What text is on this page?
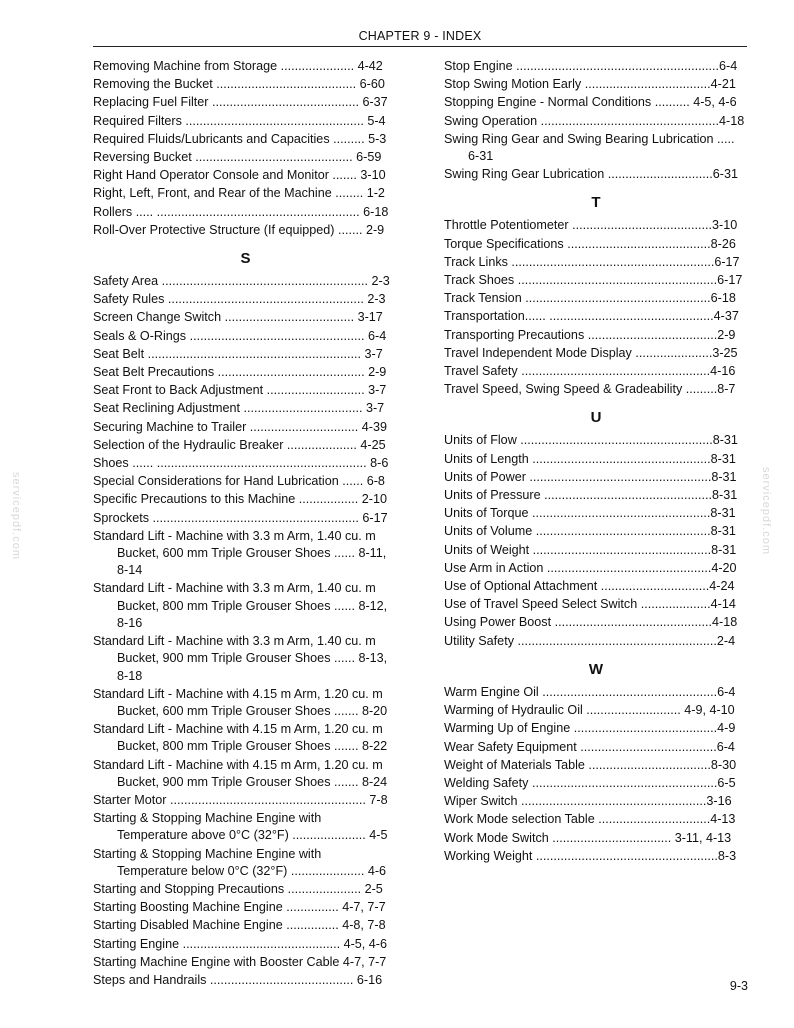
CHAPTER 9 - INDEX
Removing Machine from Storage ..................... 4-42
Removing the Bucket ........................................ 6-60
Replacing Fuel Filter .......................................... 6-37
Required Filters ................................................... 5-4
Required Fluids/Lubricants and Capacities ......... 5-3
Reversing Bucket ............................................. 6-59
Right Hand Operator Console and Monitor ....... 3-10
Right, Left, Front, and Rear of the Machine ........ 1-2
Rollers ..... .......................................................... 6-18
Roll-Over Protective Structure (If equipped) ....... 2-9
S
Safety Area ........................................................... 2-3
Safety Rules ........................................................ 2-3
Screen Change Switch ..................................... 3-17
Seals & O-Rings .................................................. 6-4
Seat Belt ............................................................. 3-7
Seat Belt Precautions .......................................... 2-9
Seat Front to Back Adjustment ............................ 3-7
Seat Reclining Adjustment .................................. 3-7
Securing Machine to Trailer ............................... 4-39
Selection of the Hydraulic Breaker .................... 4-25
Shoes ...... ............................................................ 8-6
Special Considerations for Hand Lubrication ...... 6-8
Specific Precautions to this Machine ................. 2-10
Sprockets ........................................................... 6-17
Standard Lift - Machine with 3.3 m Arm, 1.40 cu. m
Bucket, 600 mm Triple Grouser Shoes ...... 8-11,
8-14
Standard Lift - Machine with 3.3 m Arm, 1.40 cu. m
Bucket, 800 mm Triple Grouser Shoes ...... 8-12,
8-16
Standard Lift - Machine with 3.3 m Arm, 1.40 cu. m
Bucket, 900 mm Triple Grouser Shoes ...... 8-13,
8-18
Standard Lift - Machine with 4.15 m Arm, 1.20 cu. m
Bucket, 600 mm Triple Grouser Shoes ....... 8-20
Standard Lift - Machine with 4.15 m Arm, 1.20 cu. m
Bucket, 800 mm Triple Grouser Shoes ....... 8-22
Standard Lift - Machine with 4.15 m Arm, 1.20 cu. m
Bucket, 900 mm Triple Grouser Shoes ....... 8-24
Starter Motor ........................................................ 7-8
Starting & Stopping Machine Engine with
Temperature above 0°C (32°F) ..................... 4-5
Starting & Stopping Machine Engine with
Temperature below 0°C (32°F) ..................... 4-6
Starting and Stopping Precautions ..................... 2-5
Starting Boosting Machine Engine ............... 4-7, 7-7
Starting Disabled Machine Engine ............... 4-8, 7-8
Starting Engine ............................................. 4-5, 4-6
Starting Machine Engine with Booster Cable 4-7, 7-7
Steps and Handrails ......................................... 6-16
Stop Engine ..........................................................6-4
Stop Swing Motion Early ....................................4-21
Stopping Engine - Normal Conditions .......... 4-5, 4-6
Swing Operation ...................................................4-18
Swing Ring Gear and Swing Bearing Lubrication .....
6-31
Swing Ring Gear Lubrication ..............................6-31
T
Throttle Potentiometer ........................................3-10
Torque Specifications .........................................8-26
Track Links ..........................................................6-17
Track Shoes .........................................................6-17
Track Tension .....................................................6-18
Transportation...... ...............................................4-37
Transporting Precautions .....................................2-9
Travel Independent Mode Display ......................3-25
Travel Safety ......................................................4-16
Travel Speed, Swing Speed & Gradeability .........8-7
U
Units of Flow .......................................................8-31
Units of Length ...................................................8-31
Units of Power ....................................................8-31
Units of Pressure ................................................8-31
Units of Torque ...................................................8-31
Units of Volume ..................................................8-31
Units of Weight ...................................................8-31
Use Arm in Action ...............................................4-20
Use of Optional Attachment ...............................4-24
Use of Travel Speed Select Switch ....................4-14
Using Power Boost .............................................4-18
Utility Safety .........................................................2-4
W
Warm Engine Oil ..................................................6-4
Warming of Hydraulic Oil ........................... 4-9, 4-10
Warming Up of Engine .........................................4-9
Wear Safety Equipment .......................................6-4
Weight of Materials Table ...................................8-30
Welding Safety .....................................................6-5
Wiper Switch .....................................................3-16
Work Mode selection Table ................................4-13
Work Mode Switch .................................. 3-11, 4-13
Working Weight ....................................................8-3
9-3
servicepdf.com	servicepdf.com
